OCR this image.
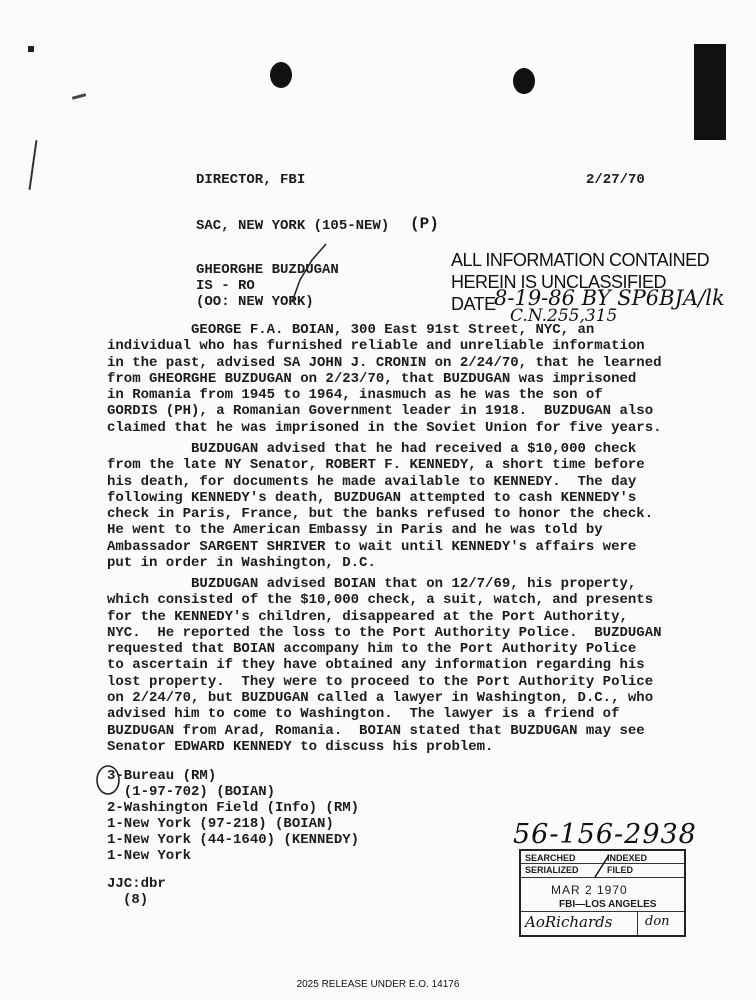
DIRECTOR, FBI	2/27/70
SAC, NEW YORK (105-NEW) (P)
GHEORGHE BUZDUGAN
IS - RO
(OO: NEW YORK)
ALL INFORMATION CONTAINED
HEREIN IS UNCLASSIFIED
DATE
8-19-86 BY SP6BJA/lk
C.N.255,315

GEORGE F.A. BOIAN, 300 East 91st Street, NYC, an
individual who has furnished reliable and unreliable information
in the past, advised SA JOHN J. CRONIN on 2/24/70, that he learned
from GHEORGHE BUZDUGAN on 2/23/70, that BUZDUGAN was imprisoned
in Romania from 1945 to 1964, inasmuch as he was the son of
GORDIS (PH), a Romanian Government leader in 1918.  BUZDUGAN also
claimed that he was imprisoned in the Soviet Union for five years.

BUZDUGAN advised that he had received a $10,000 check
from the late NY Senator, ROBERT F. KENNEDY, a short time before
his death, for documents he made available to KENNEDY.  The day
following KENNEDY's death, BUZDUGAN attempted to cash KENNEDY's
check in Paris, France, but the banks refused to honor the check.
He went to the American Embassy in Paris and he was told by
Ambassador SARGENT SHRIVER to wait until KENNEDY's affairs were
put in order in Washington, D.C.

BUZDUGAN advised BOIAN that on 12/7/69, his property,
which consisted of the $10,000 check, a suit, watch, and presents
for the KENNEDY's children, disappeared at the Port Authority,
NYC.  He reported the loss to the Port Authority Police.  BUZDUGAN
requested that BOIAN accompany him to the Port Authority Police
to ascertain if they have obtained any information regarding his
lost property.  They were to proceed to the Port Authority Police
on 2/24/70, but BUZDUGAN called a lawyer in Washington, D.C., who
advised him to come to Washington.  The lawyer is a friend of
BUZDUGAN from Arad, Romania.  BOIAN stated that BUZDUGAN may see
Senator EDWARD KENNEDY to discuss his problem.

3-Bureau (RM)
(1-97-702) (BOIAN)
2-Washington Field (Info) (RM)
1-New York (97-218) (BOIAN)
1-New York (44-1640) (KENNEDY)
1-New York
JJC:dbr
(8)
56-156-2938
SEARCHED	INDEXED
SERIALIZED	FILED
MAR 2 1970
FBI—LOS ANGELES
AoRichards	don
2025 RELEASE UNDER E.O. 14176
